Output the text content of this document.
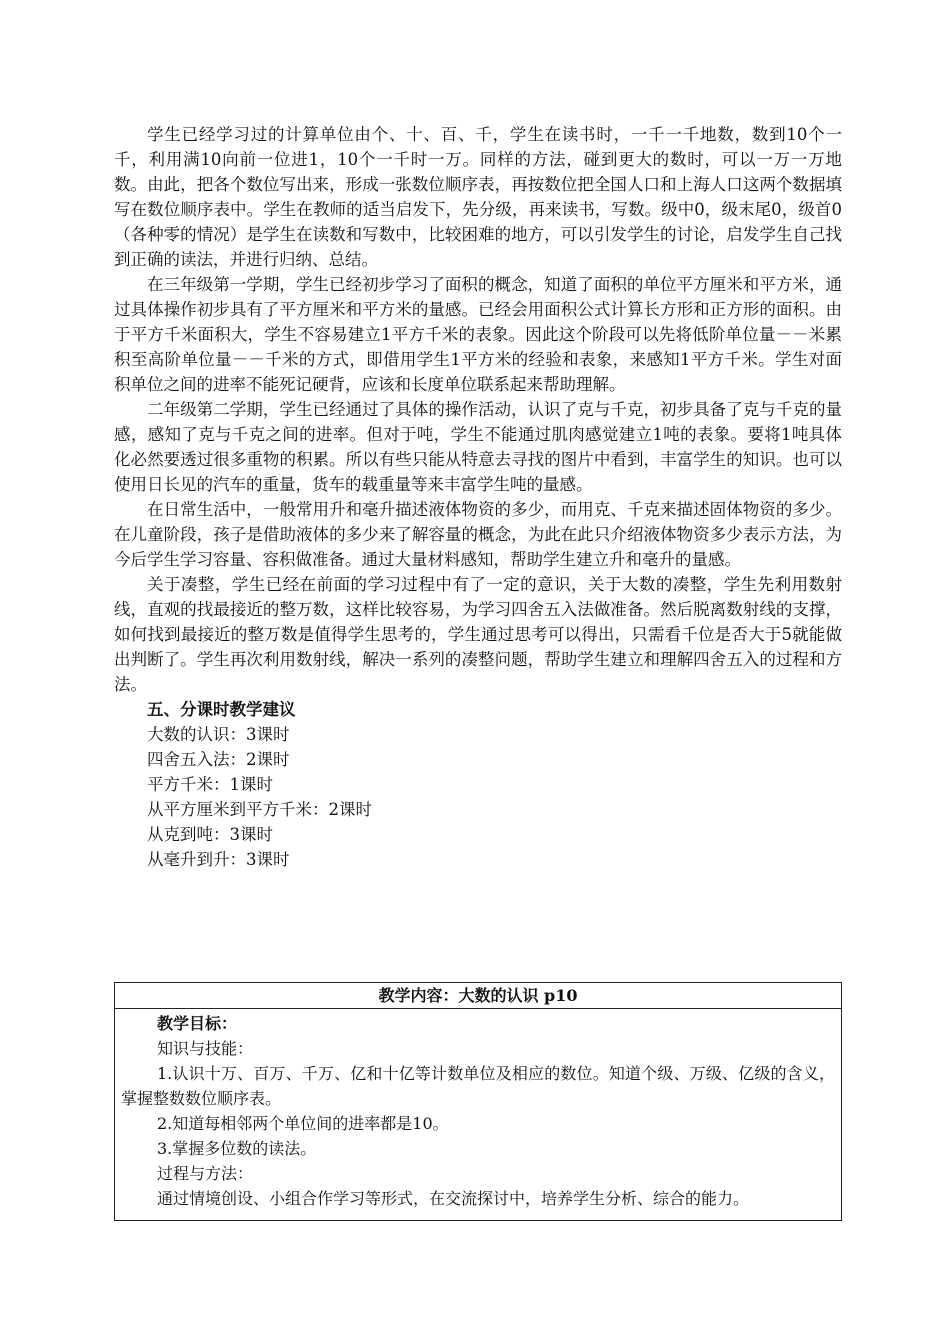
学生已经学习过的计算单位由个、十、百、千，学生在读书时，一千一千地数，数到10个一千，利用满10向前一位进1，10个一千时一万。同样的方法，碰到更大的数时，可以一万一万地数。由此，把各个数位写出来，形成一张数位顺序表，再按数位把全国人口和上海人口这两个数据填写在数位顺序表中。学生在教师的适当启发下，先分级，再来读书，写数。级中0，级末尾0，级首0（各种零的情况）是学生在读数和写数中，比较困难的地方，可以引发学生的讨论，启发学生自己找到正确的读法，并进行归纳、总结。

在三年级第一学期，学生已经初步学习了面积的概念，知道了面积的单位平方厘米和平方米，通过具体操作初步具有了平方厘米和平方米的量感。已经会用面积公式计算长方形和正方形的面积。由于平方千米面积大，学生不容易建立1平方千米的表象。因此这个阶段可以先将低阶单位量－－米累积至高阶单位量－－千米的方式，即借用学生1平方米的经验和表象，来感知1平方千米。学生对面积单位之间的进率不能死记硬背，应该和长度单位联系起来帮助理解。

二年级第二学期，学生已经通过了具体的操作活动，认识了克与千克，初步具备了克与千克的量感，感知了克与千克之间的进率。但对于吨，学生不能通过肌肉感觉建立1吨的表象。要将1吨具体化必然要透过很多重物的积累。所以有些只能从特意去寻找的图片中看到，丰富学生的知识。也可以使用日长见的汽车的重量，货车的载重量等来丰富学生吨的量感。

在日常生活中，一般常用升和毫升描述液体物资的多少，而用克、千克来描述固体物资的多少。在儿童阶段，孩子是借助液体的多少来了解容量的概念，为此在此只介绍液体物资多少表示方法，为今后学生学习容量、容积做准备。通过大量材料感知，帮助学生建立升和毫升的量感。

关于凑整，学生已经在前面的学习过程中有了一定的意识，关于大数的凑整，学生先利用数射线，直观的找最接近的整万数，这样比较容易，为学习四舍五入法做准备。然后脱离数射线的支撑，如何找到最接近的整万数是值得学生思考的，学生通过思考可以得出，只需看千位是否大于5就能做出判断了。学生再次利用数射线，解决一系列的凑整问题，帮助学生建立和理解四舍五入的过程和方法。

五、分课时教学建议

大数的认识：3课时

四舍五入法：2课时

平方千米：1课时

从平方厘米到平方千米：2课时

从克到吨：3课时

从毫升到升：3课时

教学内容：大数的认识 p10

教学目标：

知识与技能：

1.认识十万、百万、千万、亿和十亿等计数单位及相应的数位。知道个级、万级、亿级的含义，掌握整数数位顺序表。

2.知道每相邻两个单位间的进率都是10。

3.掌握多位数的读法。

过程与方法：

通过情境创设、小组合作学习等形式，在交流探讨中，培养学生分析、综合的能力。
